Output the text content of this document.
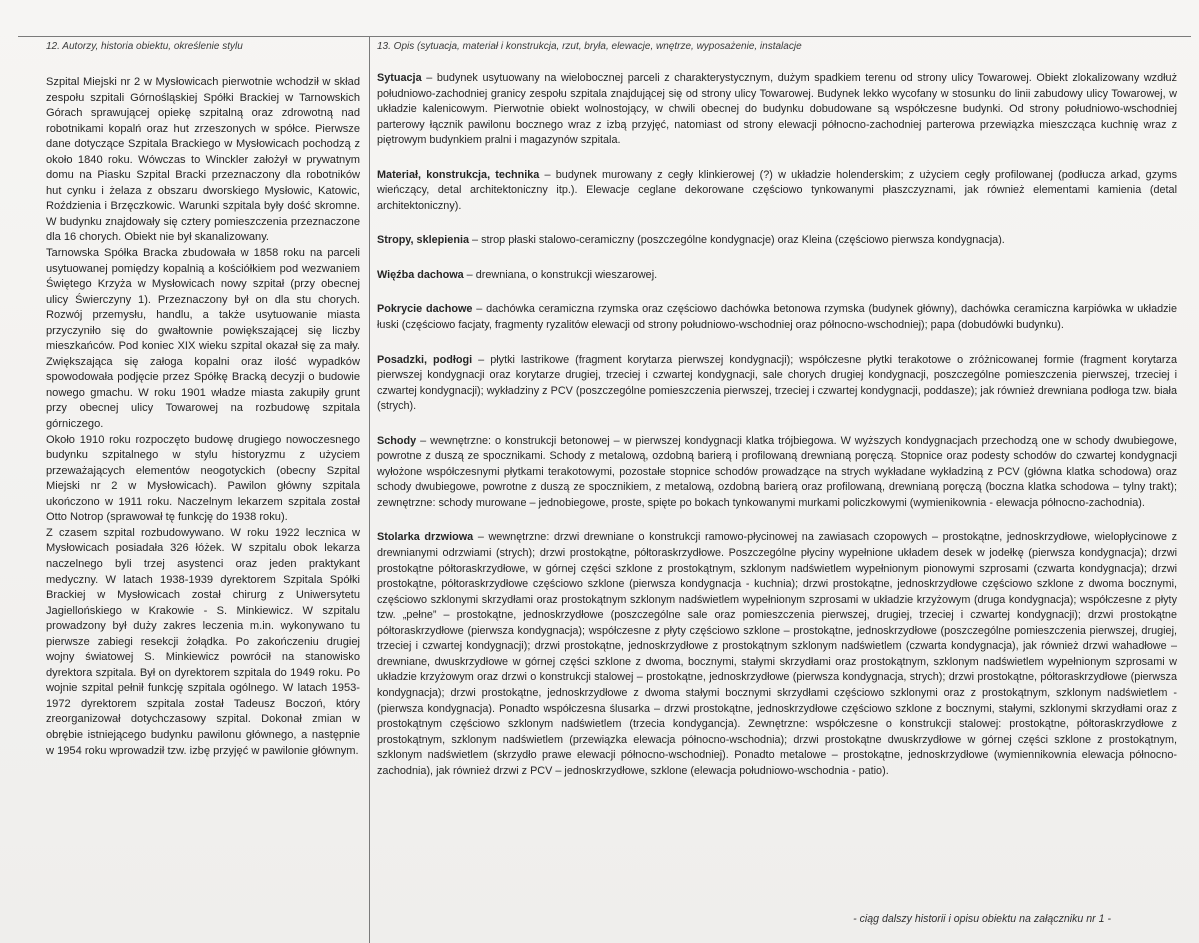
12. Autorzy, historia obiektu, określenie stylu

Szpital Miejski nr 2 w Mysłowicach pierwotnie wchodził w skład zespołu szpitali Górnośląskiej Spółki Brackiej w Tarnowskich Górach sprawującej opiekę szpitalną oraz zdrowotną nad robotnikami kopalń oraz hut zrzeszonych w spółce. Pierwsze dane dotyczące Szpitala Brackiego w Mysłowicach pochodzą z około 1840 roku. Wówczas to Winckler założył w prywatnym domu na Piasku Szpital Bracki przeznaczony dla robotników hut cynku i żelaza z obszaru dworskiego Mysłowic, Katowic, Roździenia i Brzęczkowic. Warunki szpitala były dość skromne. W budynku znajdowały się cztery pomieszczenia przeznaczone dla 16 chorych. Obiekt nie był skanalizowany.

Tarnowska Spółka Bracka zbudowała w 1858 roku na parceli usytuowanej pomiędzy kopalnią a kościółkiem pod wezwaniem Świętego Krzyża w Mysłowicach nowy szpitał (przy obecnej ulicy Świerczyny 1). Przeznaczony był on dla stu chorych. Rozwój przemysłu, handlu, a także usytuowanie miasta przyczyniło się do gwałtownie powiększającej się liczby mieszkańców. Pod koniec XIX wieku szpital okazał się za mały. Zwiększająca się załoga kopalni oraz ilość wypadków spowodowała podjęcie przez Spółkę Bracką decyzji o budowie nowego gmachu. W roku 1901 władze miasta zakupiły grunt przy obecnej ulicy Towarowej na rozbudowę szpitala górniczego.

Około 1910 roku rozpoczęto budowę drugiego nowoczesnego budynku szpitalnego w stylu historyzmu z użyciem przeważających elementów neogotyckich (obecny Szpital Miejski nr 2 w Mysłowicach). Pawilon główny szpitala ukończono w 1911 roku. Naczelnym lekarzem szpitala został Otto Notrop (sprawował tę funkcję do 1938 roku).

Z czasem szpital rozbudowywano. W roku 1922 lecznica w Mysłowicach posiadała 326 łóżek. W szpitalu obok lekarza naczelnego byli trzej asystenci oraz jeden praktykant medyczny. W latach 1938-1939 dyrektorem Szpitala Spółki Brackiej w Mysłowicach został chirurg z Uniwersytetu Jagiellońskiego w Krakowie - S. Minkiewicz. W szpitalu prowadzony był duży zakres leczenia m.in. wykonywano tu pierwsze zabiegi resekcji żołądka. Po zakończeniu drugiej wojny światowej S. Minkiewicz powrócił na stanowisko dyrektora szpitala. Był on dyrektorem szpitala do 1949 roku. Po wojnie szpital pełnił funkcję szpitala ogólnego. W latach 1953-1972 dyrektorem szpitala został Tadeusz Boczoń, który zreorganizował dotychczasowy szpital. Dokonał zmian w obrębie istniejącego budynku pawilonu głównego, a następnie w 1954 roku wprowadził tzw. izbę przyjęć w pawilonie głównym.

13. Opis (sytuacja, materiał i konstrukcja, rzut, bryła, elewacje, wnętrze, wyposażenie, instalacje

Sytuacja – budynek usytuowany na wielobocznej parceli z charakterystycznym, dużym spadkiem terenu od strony ulicy Towarowej. Obiekt zlokalizowany wzdłuż południowo-zachodniej granicy zespołu szpitala znajdującej się od strony ulicy Towarowej. Budynek lekko wycofany w stosunku do linii zabudowy ulicy Towarowej, w układzie kalenicowym. Pierwotnie obiekt wolnostojący, w chwili obecnej do budynku dobudowane są współczesne budynki. Od strony południowo-wschodniej parterowy łącznik pawilonu bocznego wraz z izbą przyjęć, natomiast od strony elewacji północno-zachodniej parterowa przewiązka mieszcząca kuchnię wraz z piętrowym budynkiem pralni i magazynów szpitala.

Materiał, konstrukcja, technika – budynek murowany z cegły klinkierowej (?) w układzie holenderskim; z użyciem cegły profilowanej (podłucza arkad, gzyms wieńczący, detal architektoniczny itp.). Elewacje ceglane dekorowane częściowo tynkowanymi płaszczyznami, jak również elementami kamienia (detal architektoniczny).

Stropy, sklepienia – strop płaski stalowo-ceramiczny (poszczególne kondygnacje) oraz Kleina (częściowo pierwsza kondygnacja).

Więźba dachowa – drewniana, o konstrukcji wieszarowej.

Pokrycie dachowe – dachówka ceramiczna rzymska oraz częściowo dachówka betonowa rzymska (budynek główny), dachówka ceramiczna karpiówka w układzie łuski (częściowo facjaty, fragmenty ryzalitów elewacji od strony południowo-wschodniej oraz północno-wschodniej); papa (dobudówki budynku).

Posadzki, podłogi – płytki lastrikowe (fragment korytarza pierwszej kondygnacji); współczesne płytki terakotowe o zróżnicowanej formie (fragment korytarza pierwszej kondygnacji oraz korytarze drugiej, trzeciej i czwartej kondygnacji, sale chorych drugiej kondygnacji, poszczególne pomieszczenia pierwszej, trzeciej i czwartej kondygnacji); wykładziny z PCV (poszczególne pomieszczenia pierwszej, trzeciej i czwartej kondygnacji, poddasze); jak również drewniana podłoga tzw. biała (strych).

Schody – wewnętrzne: o konstrukcji betonowej – w pierwszej kondygnacji klatka trójbiegowa. W wyższych kondygnacjach przechodzą one w schody dwubiegowe, powrotne z duszą ze spocznikami. Schody z metalową, ozdobną barierą i profilowaną drewnianą poręczą. Stopnice oraz podesty schodów do czwartej kondygnacji wyłożone współczesnymi płytkami terakotowymi, pozostałe stopnice schodów prowadzące na strych wykładane wykładziną z PCV (główna klatka schodowa) oraz schody dwubiegowe, powrotne z duszą ze spocznikiem, z metalową, ozdobną barierą oraz profilowaną, drewnianą poręczą (boczna klatka schodowa – tylny trakt); zewnętrzne: schody murowane – jednobiegowe, proste, spięte po bokach tynkowanymi murkami policzkowymi (wymienikownia - elewacja północno-zachodnia).

Stolarka drzwiowa – wewnętrzne: drzwi drewniane o konstrukcji ramowo-płycinowej na zawiasach czopowych – prostokątne, jednoskrzydłowe, wielopłycinowe z drewnianymi odrzwiami (strych); drzwi prostokątne, półtoraskrzydłowe. Poszczególne płyciny wypełnione układem desek w jodełkę (pierwsza kondygnacja); drzwi prostokątne półtoraskrzydłowe, w górnej części szklone z prostokątnym, szklonym nadświetlem wypełnionym pionowymi szprosami (czwarta kondygnacja); drzwi prostokątne, półtoraskrzydłowe częściowo szklone (pierwsza kondygnacja - kuchnia); drzwi prostokątne, jednoskrzydłowe częściowo szklone z dwoma bocznymi, częściowo szklonymi skrzydłami oraz prostokątnym szklonym nadświetlem wypełnionym szprosami w układzie krzyżowym (druga kondygnacja); współczesne z płyty tzw. „pełne” – prostokątne, jednoskrzydłowe (poszczególne sale oraz pomieszczenia pierwszej, drugiej, trzeciej i czwartej kondygnacji); drzwi prostokątne półtoraskrzydłowe (pierwsza kondygnacja); współczesne z płyty częściowo szklone – prostokątne, jednoskrzydłowe (poszczególne pomieszczenia pierwszej, drugiej, trzeciej i czwartej kondygnacji); drzwi prostokątne, jednoskrzydłowe z prostokątnym szklonym nadświetlem (czwarta kondygnacja), jak również drzwi wahadłowe – drewniane, dwuskrzydłowe w górnej części szklone z dwoma, bocznymi, stałymi skrzydłami oraz prostokątnym, szklonym nadświetlem wypełnionym szprosami w układzie krzyżowym oraz drzwi o konstrukcji stalowej – prostokątne, jednoskrzydłowe (pierwsza kondygnacja, strych); drzwi prostokątne, półtoraskrzydłowe (pierwsza kondygnacja); drzwi prostokątne, jednoskrzydłowe z dwoma stałymi bocznymi skrzydłami częściowo szklonymi oraz z prostokątnym, szklonym nadświetlem - (pierwsza kondygnacja). Ponadto współczesna ślusarka – drzwi prostokątne, jednoskrzydłowe częściowo szklone z bocznymi, stałymi, szklonymi skrzydłami oraz z prostokątnym częściowo szklonym nadświetlem (trzecia kondygancja). Zewnętrzne: współczesne o konstrukcji stalowej: prostokątne, półtoraskrzydłowe z prostokątnym, szklonym nadświetlem (przewiązka elewacja północno-wschodnia); drzwi prostokątne dwuskrzydłowe w górnej części szklone z prostokątnym, szklonym nadświetlem (skrzydło prawe elewacji północno-wschodniej). Ponadto metalowe – prostokątne, jednoskrzydłowe (wymiennikownia elewacja północno-zachodnia), jak również drzwi z PCV – jednoskrzydłowe, szklone (elewacja południowo-wschodnia - patio).

- ciąg dalszy historii i opisu obiektu na załączniku nr 1 -
